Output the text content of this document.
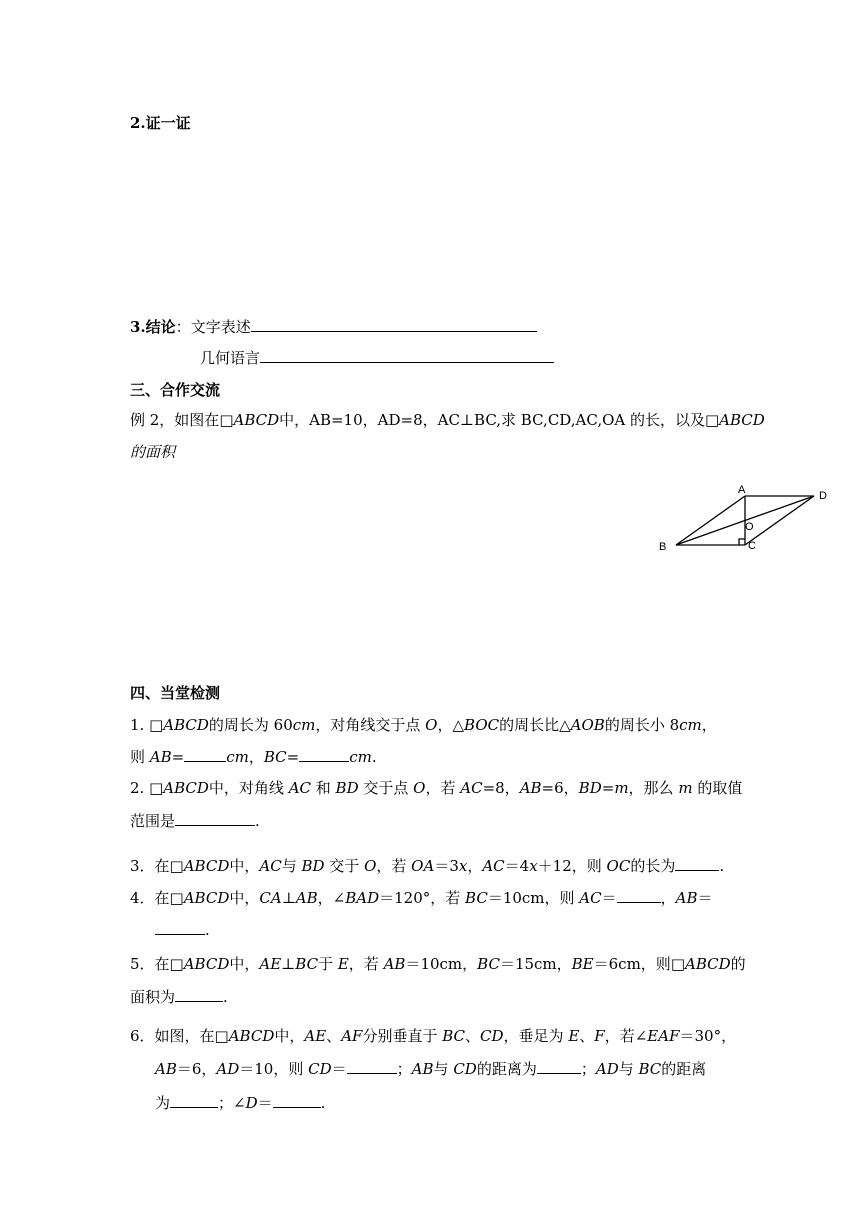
2.证一证
3.结论：文字表述
几何语言
三、合作交流
例 2，如图在□ABCD中，AB=10，AD=8，AC⊥BC,求 BC,CD,AC,OA 的长，以及□ABCD
的面积
A
B	C
D
O
四、当堂检测
1. □ABCD的周长为 60cm，对角线交于点 O，△BOC的周长比△AOB的周长小 8cm，
则 AB=	cm，BC=	cm.
2. □ABCD中，对角线 AC 和 BD 交于点 O，若 AC=8，AB=6，BD=m，那么 m 的取值
范围是	.
3．在□ABCD中，AC与 BD 交于 O，若 OA＝3x，AC＝4x＋12，则 OC的长为	.
4．在□ABCD中，CA⊥AB，∠BAD＝120°，若 BC＝10cm，则 AC＝	，AB＝
.
5．在□ABCD中，AE⊥BC于 E，若 AB＝10cm，BC＝15cm，BE＝6cm，则□ABCD的
面积为	.
6．如图，在□ABCD中，AE、AF分别垂直于 BC、CD，垂足为 E、F，若∠EAF＝30°，
AB＝6，AD＝10，则 CD＝	；AB与 CD的距离为	；AD与 BC的距离
为	；∠D＝	.
